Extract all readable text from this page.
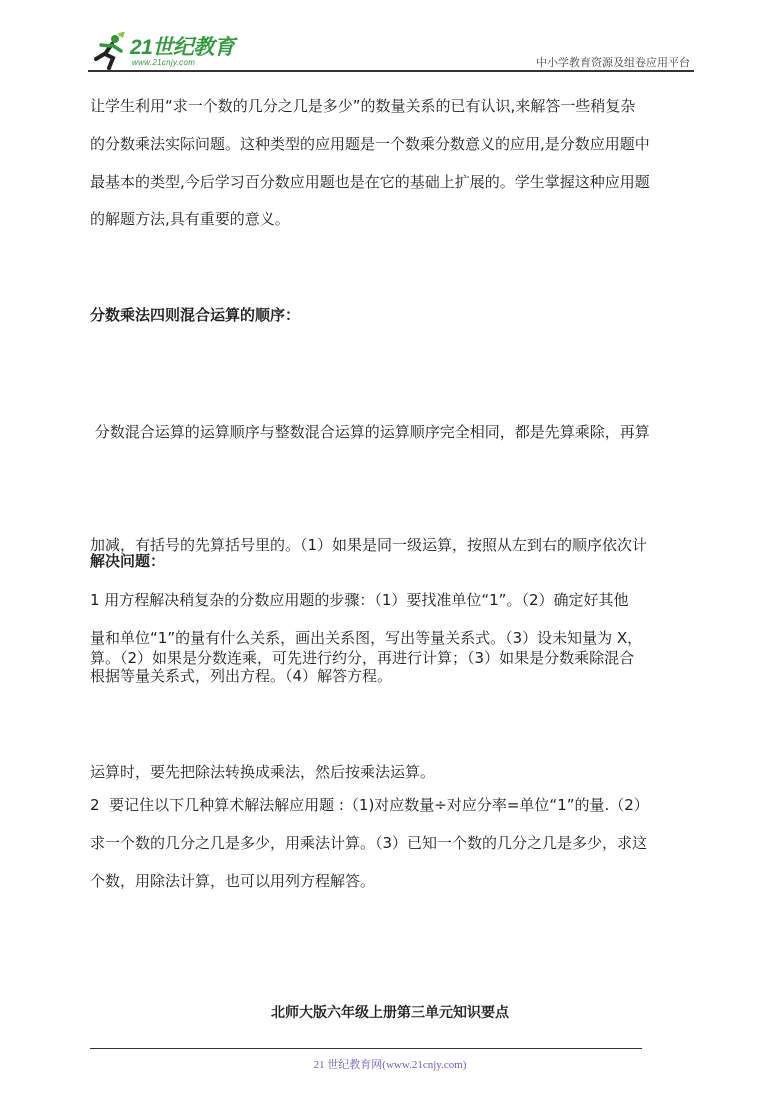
21世纪教育
www.21cnjy.com	中小学教育资源及组卷应用平台
让学生利用“求一个数的几分之几是多少”的数量关系的已有认识,来解答一些稍复杂
的分数乘法实际问题。这种类型的应用题是一个数乘分数意义的应用,是分数应用题中
最基本的类型,今后学习百分数应用题也是在它的基础上扩展的。学生掌握这种应用题
的解题方法,具有重要的意义。
分数乘法四则混合运算的顺序：

分数混合运算的运算顺序与整数混合运算的运算顺序完全相同，都是先算乘除，再算

加减，有括号的先算括号里的。（1）如果是同一级运算，按照从左到右的顺序依次计

算。（2）如果是分数连乘，可先进行约分，再进行计算；（3）如果是分数乘除混合

运算时，要先把除法转换成乘法，然后按乘法运算。

解决问题：
1 用方程解决稍复杂的分数应用题的步骤：（1）要找准单位“1”。（2）确定好其他
量和单位“1”的量有什么关系，画出关系图，写出等量关系式。（3）设未知量为 X，
根据等量关系式，列出方程。（4）解答方程。
2  要记住以下几种算术解法解应用题 :（1)对应数量÷对应分率=单位“1”的量.（2）
求一个数的几分之几是多少，用乘法计算。（3）已知一个数的几分之几是多少，求这
个数，用除法计算，也可以用列方程解答。
北师大版六年级上册第三单元知识要点
21 世纪教育网(www.21cnjy.com)
